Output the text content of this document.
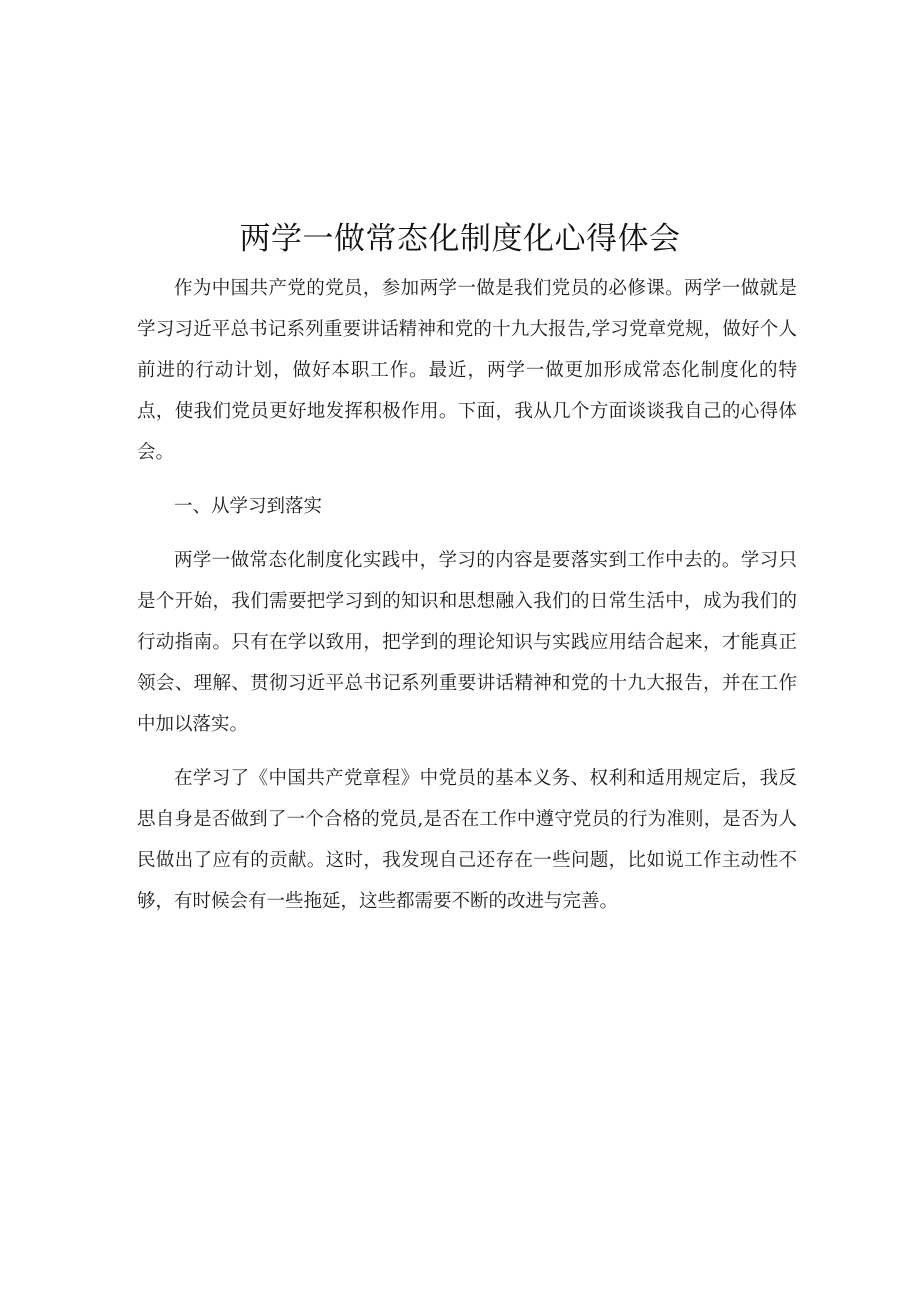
两学一做常态化制度化心得体会

作为中国共产党的党员，参加两学一做是我们党员的必修课。两学一做就是学习习近平总书记系列重要讲话精神和党的十九大报告,学习党章党规，做好个人前进的行动计划，做好本职工作。最近，两学一做更加形成常态化制度化的特点，使我们党员更好地发挥积极作用。下面，我从几个方面谈谈我自己的心得体会。

一、从学习到落实

两学一做常态化制度化实践中，学习的内容是要落实到工作中去的。学习只是个开始，我们需要把学习到的知识和思想融入我们的日常生活中，成为我们的行动指南。只有在学以致用，把学到的理论知识与实践应用结合起来，才能真正领会、理解、贯彻习近平总书记系列重要讲话精神和党的十九大报告，并在工作中加以落实。

在学习了《中国共产党章程》中党员的基本义务、权利和适用规定后，我反思自身是否做到了一个合格的党员,是否在工作中遵守党员的行为准则，是否为人民做出了应有的贡献。这时，我发现自己还存在一些问题，比如说工作主动性不够，有时候会有一些拖延，这些都需要不断的改进与完善。
